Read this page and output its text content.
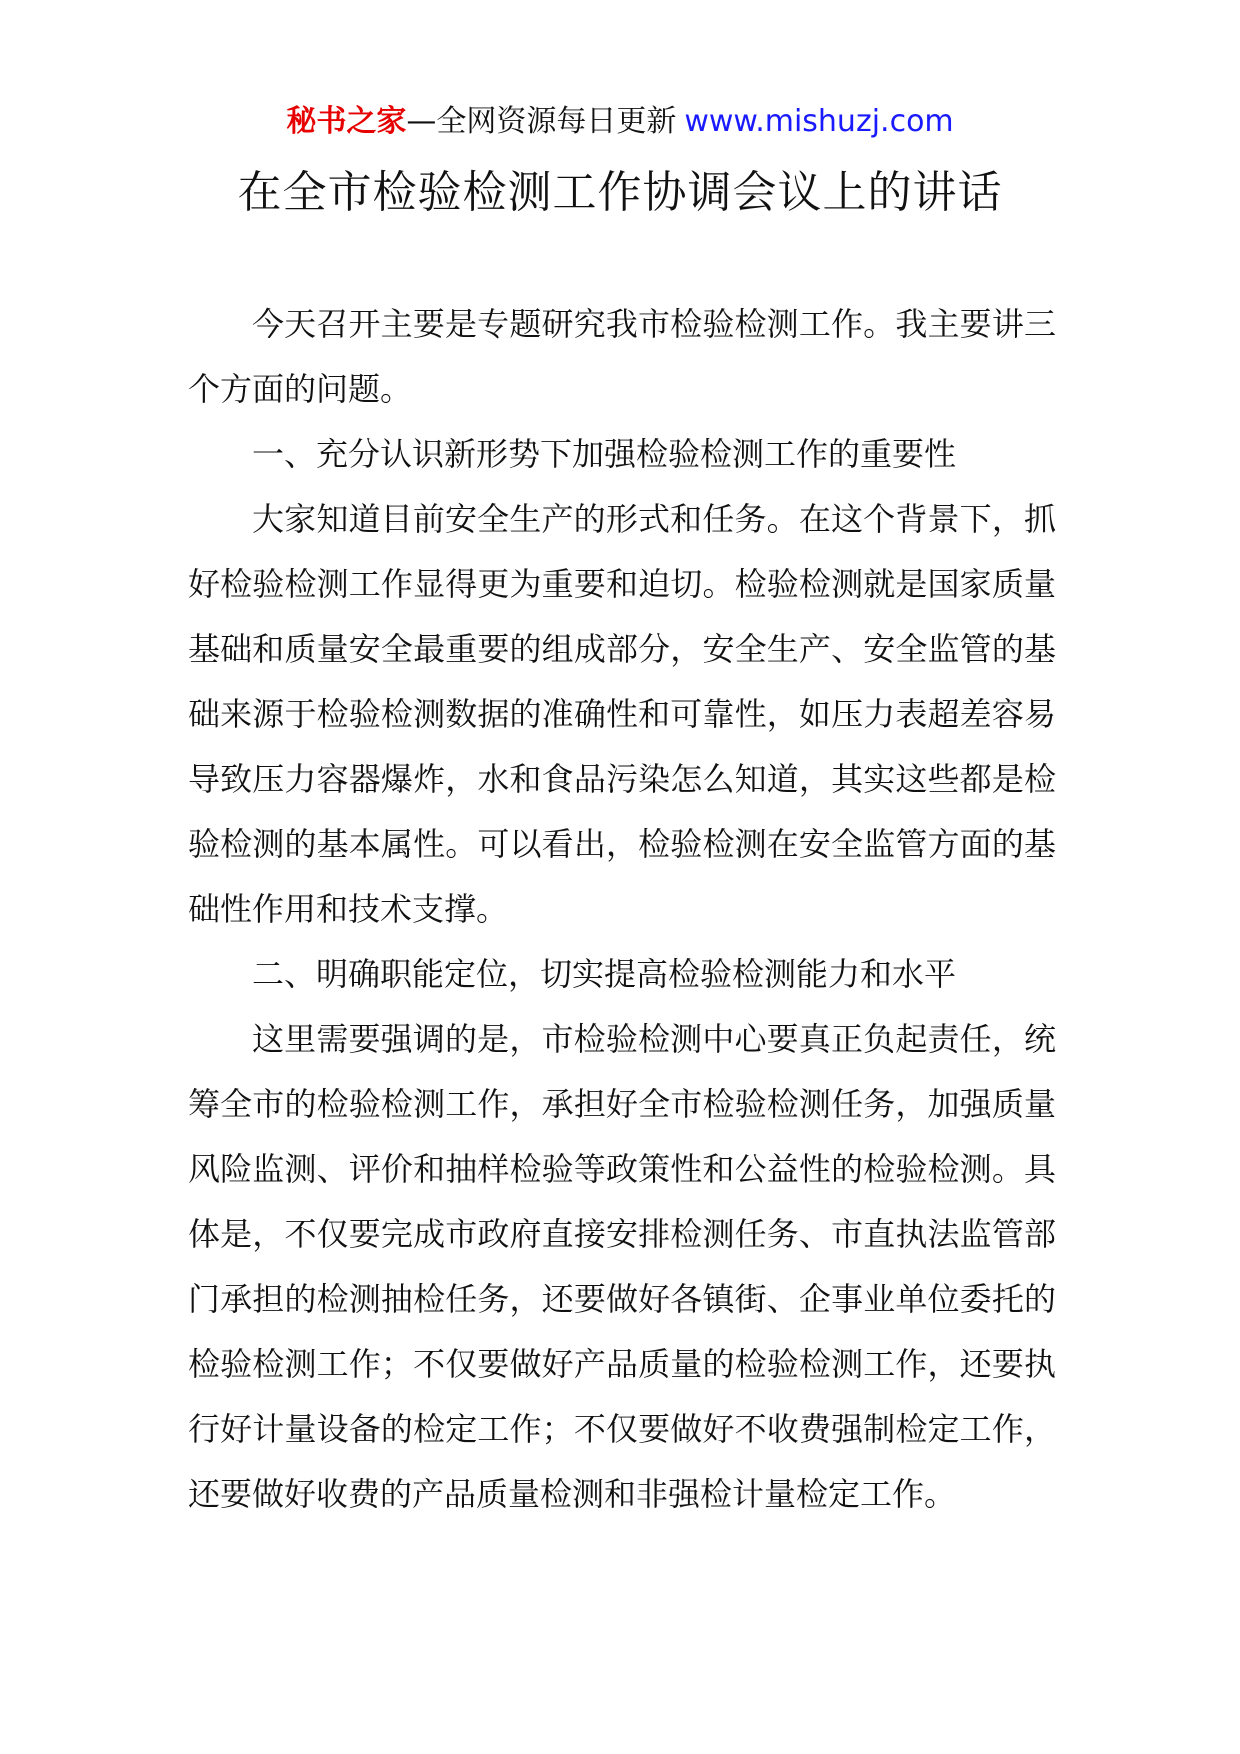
秘书之家—全网资源每日更新 www.mishuzj.com
在全市检验检测工作协调会议上的讲话

今天召开主要是专题研究我市检验检测工作。我主要讲三个方面的问题。

一、充分认识新形势下加强检验检测工作的重要性

大家知道目前安全生产的形式和任务。在这个背景下，抓好检验检测工作显得更为重要和迫切。检验检测就是国家质量基础和质量安全最重要的组成部分，安全生产、安全监管的基础来源于检验检测数据的准确性和可靠性，如压力表超差容易导致压力容器爆炸，水和食品污染怎么知道，其实这些都是检验检测的基本属性。可以看出，检验检测在安全监管方面的基础性作用和技术支撑。

二、明确职能定位，切实提高检验检测能力和水平

这里需要强调的是，市检验检测中心要真正负起责任，统筹全市的检验检测工作，承担好全市检验检测任务，加强质量风险监测、评价和抽样检验等政策性和公益性的检验检测。具体是，不仅要完成市政府直接安排检测任务、市直执法监管部门承担的检测抽检任务，还要做好各镇街、企事业单位委托的检验检测工作；不仅要做好产品质量的检验检测工作，还要执行好计量设备的检定工作；不仅要做好不收费强制检定工作，还要做好收费的产品质量检测和非强检计量检定工作。
